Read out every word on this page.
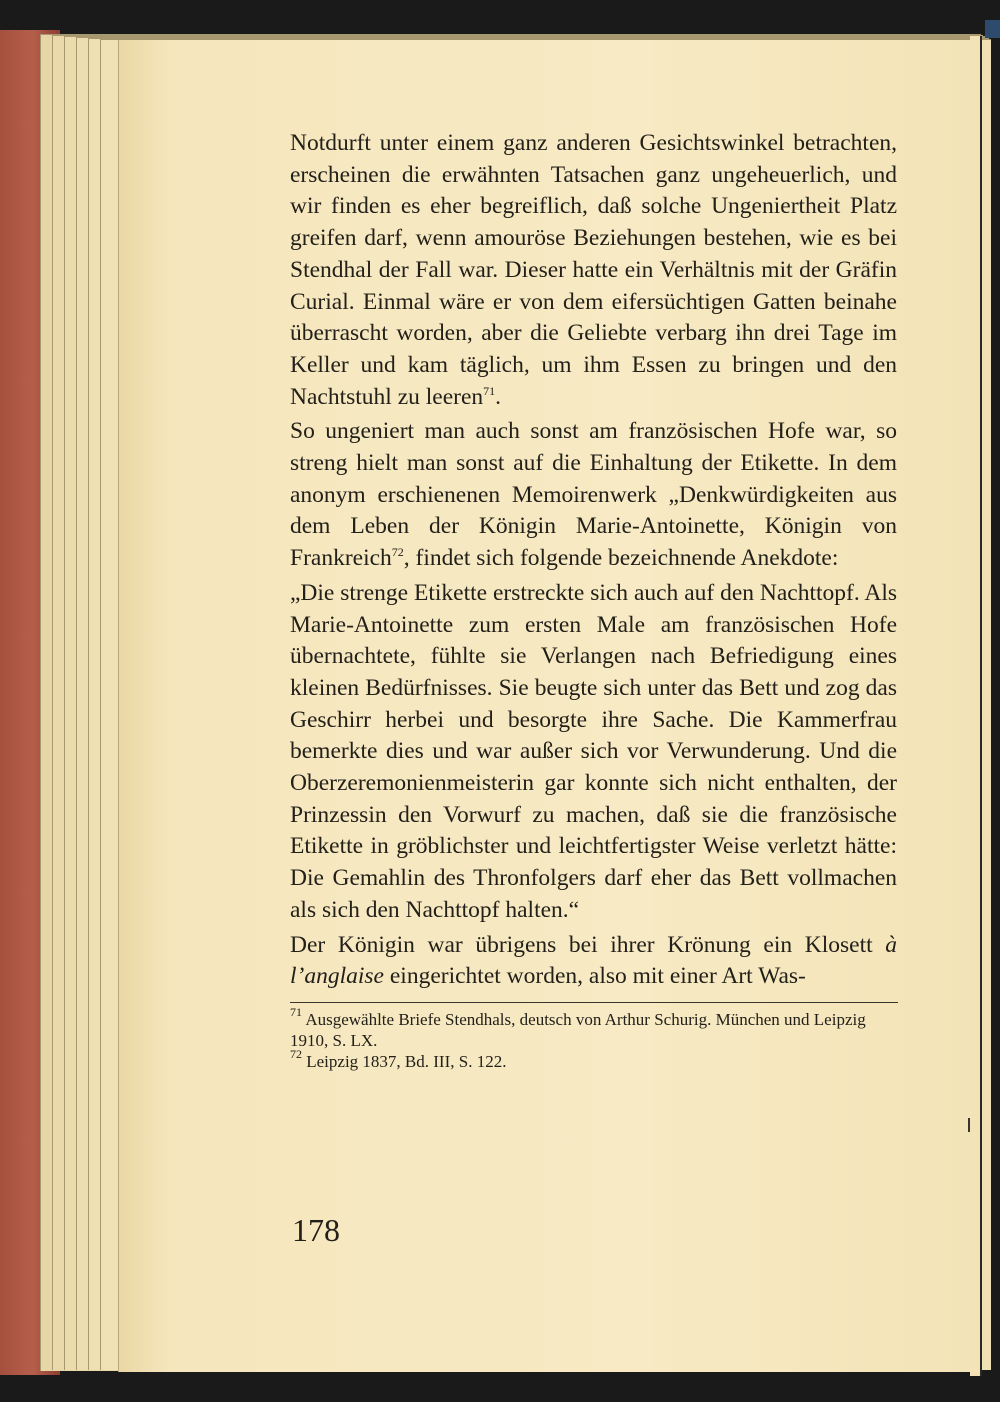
Notdurft unter einem ganz anderen Gesichtswinkel betrachten, erscheinen die erwähnten Tatsachen ganz ungeheuerlich, und wir finden es eher begreiflich, daß solche Ungeniertheit Platz greifen darf, wenn amouröse Beziehungen bestehen, wie es bei Stendhal der Fall war. Dieser hatte ein Verhältnis mit der Gräfin Curial. Einmal wäre er von dem eifersüchtigen Gatten beinahe überrascht worden, aber die Geliebte verbarg ihn drei Tage im Keller und kam täglich, um ihm Essen zu bringen und den Nachtstuhl zu leeren$^{71}$.

So ungeniert man auch sonst am französischen Hofe war, so streng hielt man sonst auf die Einhaltung der Etikette. In dem anonym erschienenen Memoirenwerk „Denkwürdigkeiten aus dem Leben der Königin Marie-Antoinette, Königin von Frankreich$^{72}$, findet sich folgende bezeichnende Anekdote:

„Die strenge Etikette erstreckte sich auch auf den Nachttopf. Als Marie-Antoinette zum ersten Male am französischen Hofe übernachtete, fühlte sie Verlangen nach Befriedigung eines kleinen Bedürfnisses. Sie beugte sich unter das Bett und zog das Geschirr herbei und besorgte ihre Sache. Die Kammerfrau bemerkte dies und war außer sich vor Verwunderung. Und die Oberzeremonienmeisterin gar konnte sich nicht enthalten, der Prinzessin den Vorwurf zu machen, daß sie die französische Etikette in gröblichster und leichtfertigster Weise verletzt hätte: Die Gemahlin des Thronfolgers darf eher das Bett vollmachen als sich den Nachttopf halten.“

Der Königin war übrigens bei ihrer Krönung ein Klosett à l’anglaise eingerichtet worden, also mit einer Art Was-

$^{71}$ Ausgewählte Briefe Stendhals, deutsch von Arthur Schurig. München und Leipzig 1910, S. LX.

$^{72}$ Leipzig 1837, Bd. III, S. 122.

178
